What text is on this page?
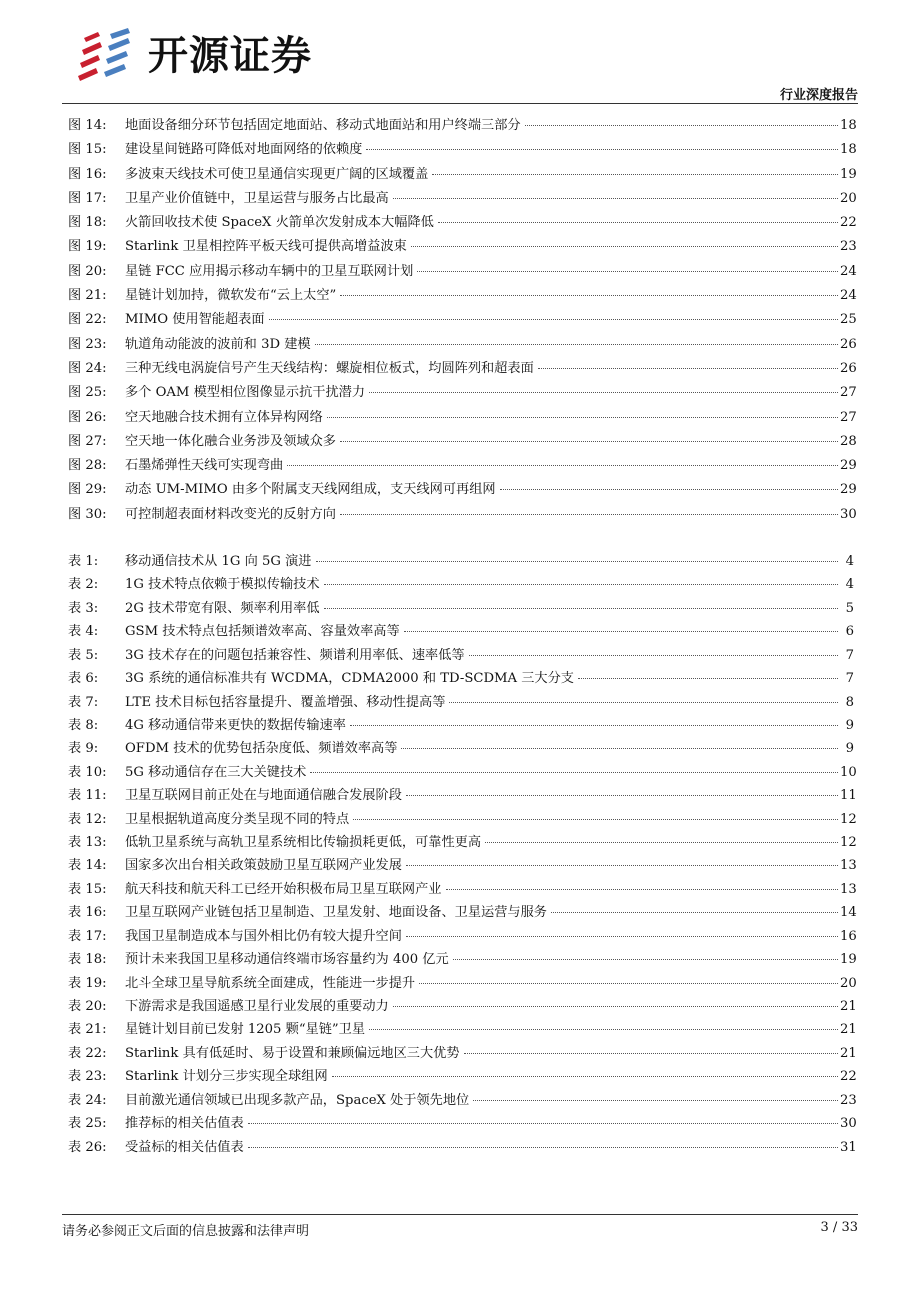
开源证券
行业深度报告
图 14:	地面设备细分环节包括固定地面站、移动式地面站和用户终端三部分	18
图 15:	建设星间链路可降低对地面网络的依赖度	18
图 16:	多波束天线技术可使卫星通信实现更广阔的区域覆盖	19
图 17:	卫星产业价值链中，卫星运营与服务占比最高	20
图 18:	火箭回收技术使 SpaceX 火箭单次发射成本大幅降低	22
图 19:	Starlink 卫星相控阵平板天线可提供高增益波束	23
图 20:	星链 FCC 应用揭示移动车辆中的卫星互联网计划	24
图 21:	星链计划加持，微软发布“云上太空”	24
图 22:	MIMO 使用智能超表面	25
图 23:	轨道角动能波的波前和 3D 建模	26
图 24:	三种无线电涡旋信号产生天线结构：螺旋相位板式，均圆阵列和超表面	26
图 25:	多个 OAM 模型相位图像显示抗干扰潜力	27
图 26:	空天地融合技术拥有立体异构网络	27
图 27:	空天地一体化融合业务涉及领域众多	28
图 28:	石墨烯弹性天线可实现弯曲	29
图 29:	动态 UM-MIMO 由多个附属支天线网组成，支天线网可再组网	29
图 30:	可控制超表面材料改变光的反射方向	30
表 1:	移动通信技术从 1G 向 5G 演进	4
表 2:	1G 技术特点依赖于模拟传输技术	4
表 3:	2G 技术带宽有限、频率利用率低	5
表 4:	GSM 技术特点包括频谱效率高、容量效率高等	6
表 5:	3G 技术存在的问题包括兼容性、频谱利用率低、速率低等	7
表 6:	3G 系统的通信标准共有 WCDMA，CDMA2000 和 TD-SCDMA 三大分支	7
表 7:	LTE 技术目标包括容量提升、覆盖增强、移动性提高等	8
表 8:	4G 移动通信带来更快的数据传输速率	9
表 9:	OFDM 技术的优势包括杂度低、频谱效率高等	9
表 10:	5G 移动通信存在三大关键技术	10
表 11:	卫星互联网目前正处在与地面通信融合发展阶段	11
表 12:	卫星根据轨道高度分类呈现不同的特点	12
表 13:	低轨卫星系统与高轨卫星系统相比传输损耗更低，可靠性更高	12
表 14:	国家多次出台相关政策鼓励卫星互联网产业发展	13
表 15:	航天科技和航天科工已经开始积极布局卫星互联网产业	13
表 16:	卫星互联网产业链包括卫星制造、卫星发射、地面设备、卫星运营与服务	14
表 17:	我国卫星制造成本与国外相比仍有较大提升空间	16
表 18:	预计未来我国卫星移动通信终端市场容量约为 400 亿元	19
表 19:	北斗全球卫星导航系统全面建成，性能进一步提升	20
表 20:	下游需求是我国遥感卫星行业发展的重要动力	21
表 21:	星链计划目前已发射 1205 颗“星链”卫星	21
表 22:	Starlink 具有低延时、易于设置和兼顾偏远地区三大优势	21
表 23:	Starlink 计划分三步实现全球组网	22
表 24:	目前激光通信领域已出现多款产品，SpaceX 处于领先地位	23
表 25:	推荐标的相关估值表	30
表 26:	受益标的相关估值表	31
请务必参阅正文后面的信息披露和法律声明	3 / 33
